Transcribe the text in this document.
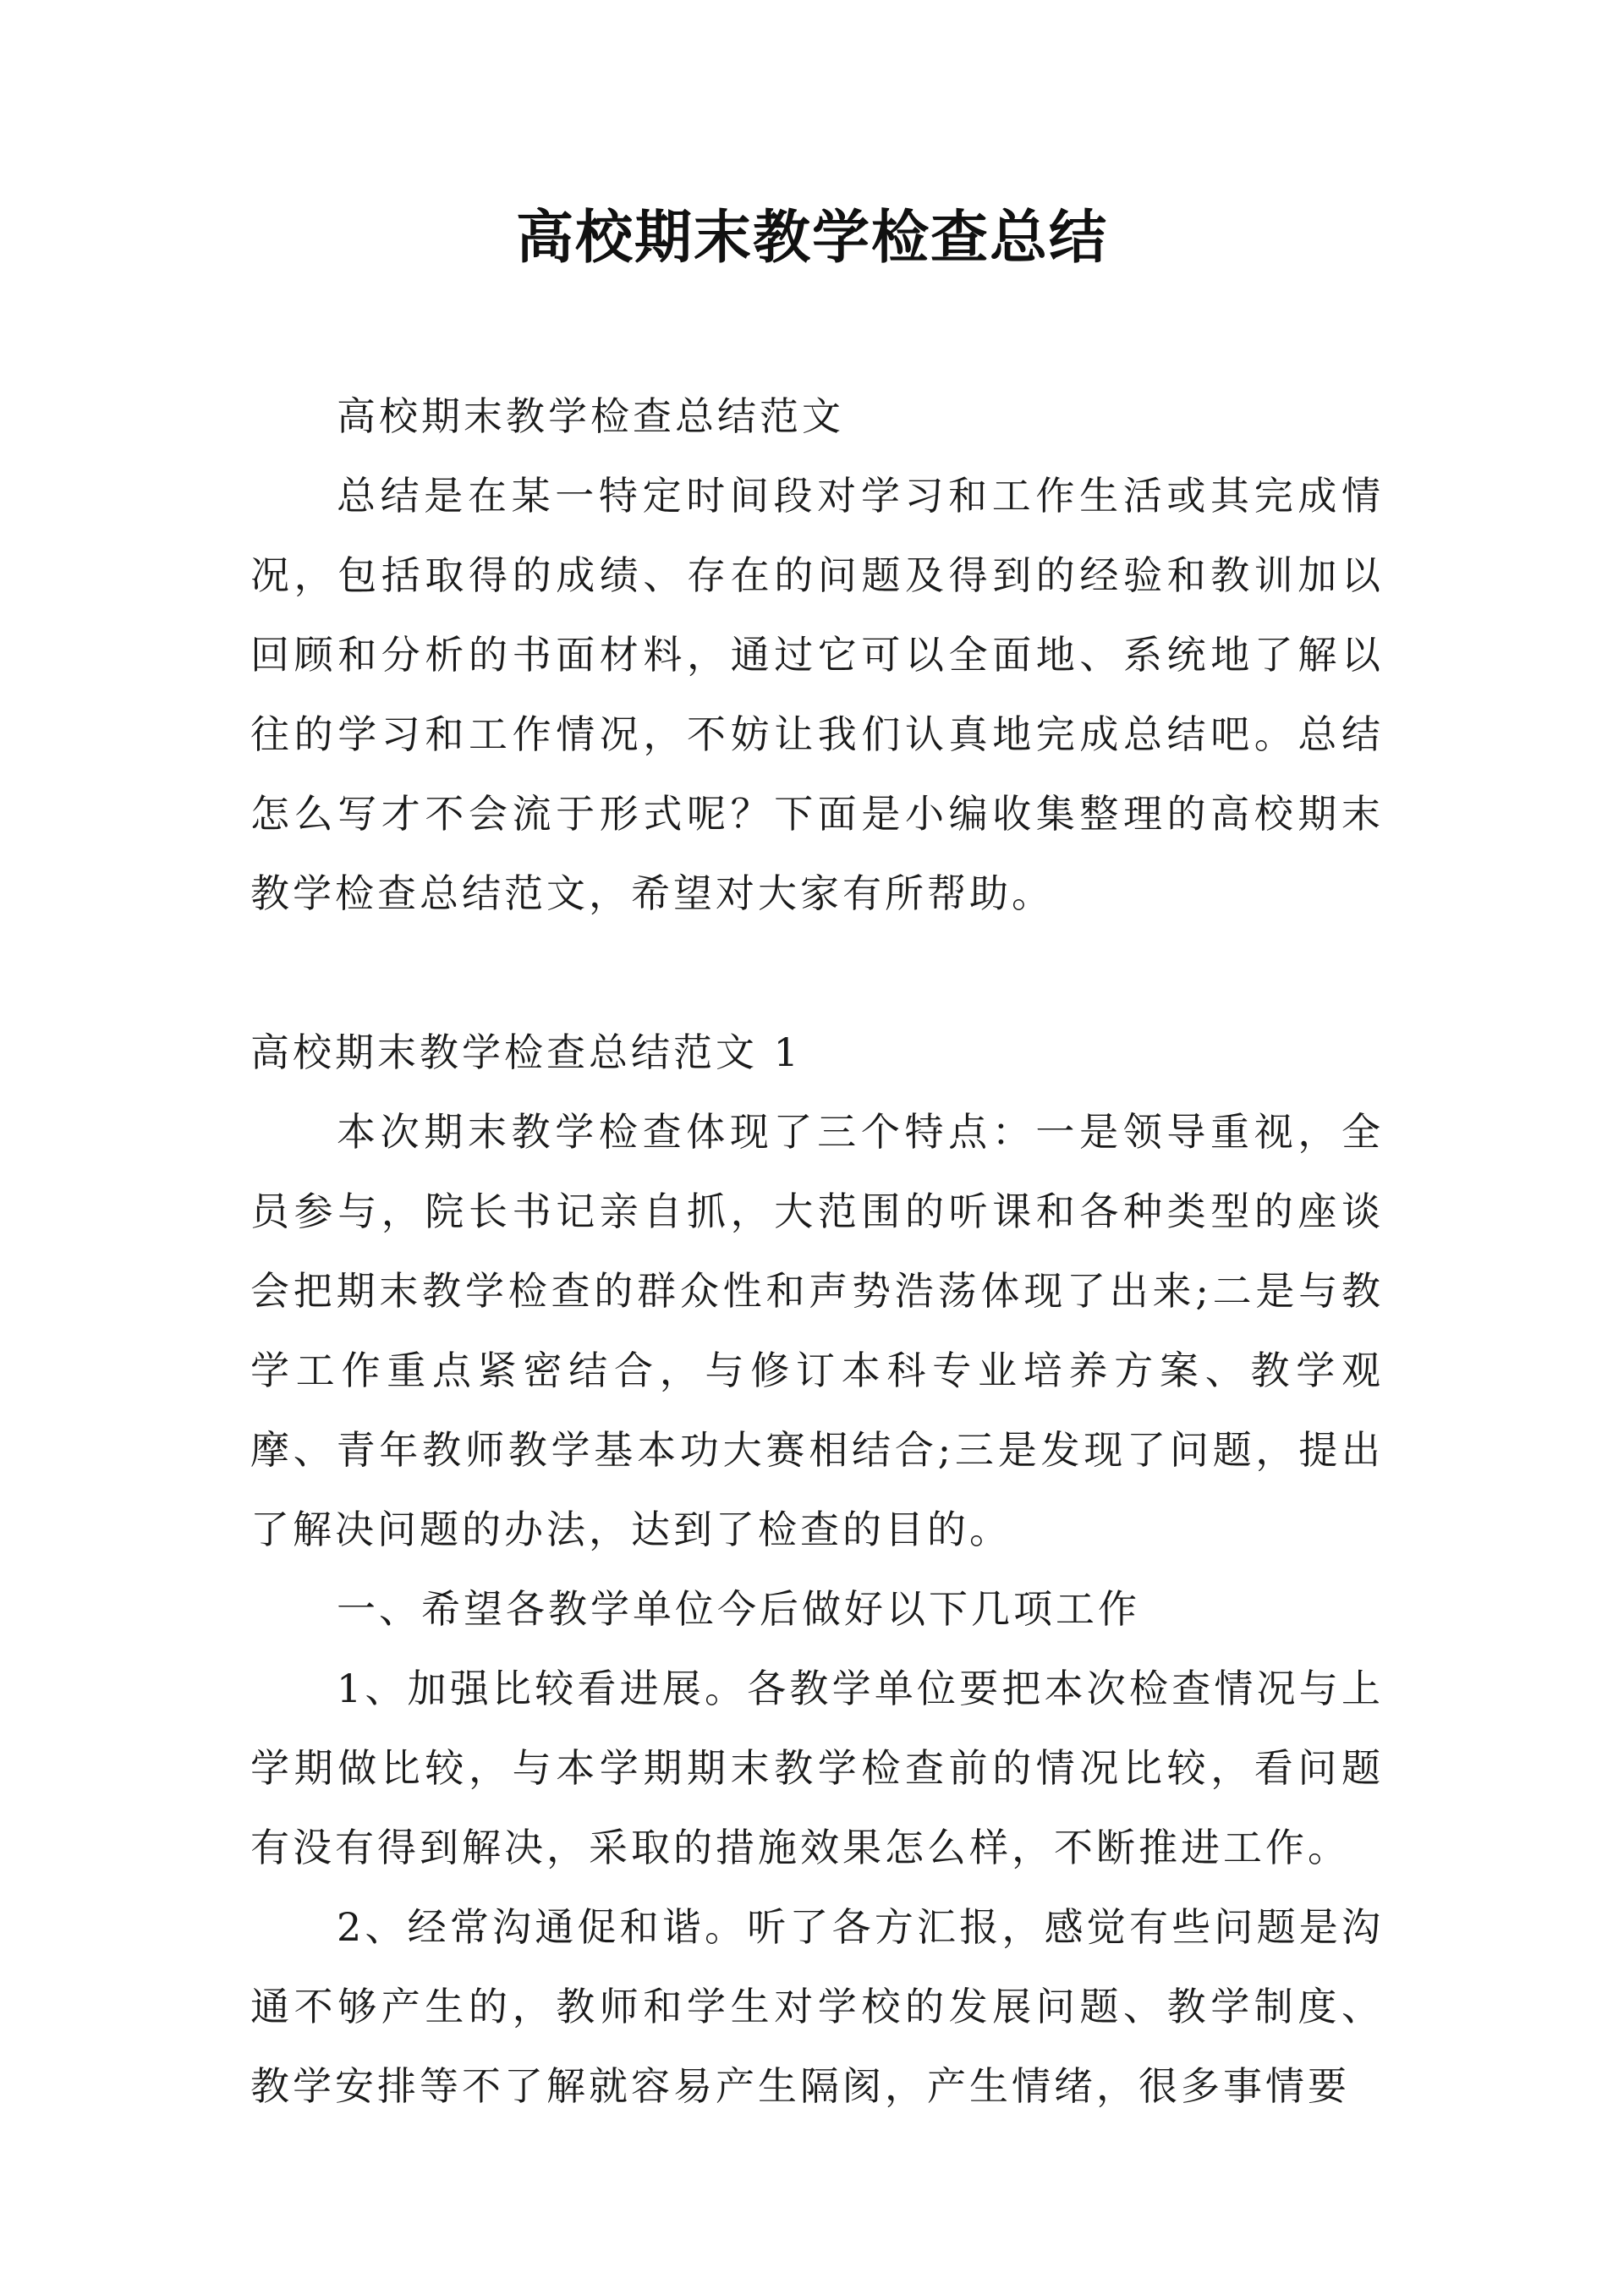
高校期末教学检查总结

高校期末教学检查总结范文

总结是在某一特定时间段对学习和工作生活或其完成情况，包括取得的成绩、存在的问题及得到的经验和教训加以回顾和分析的书面材料，通过它可以全面地、系统地了解以往的学习和工作情况，不妨让我们认真地完成总结吧。总结怎么写才不会流于形式呢？下面是小编收集整理的高校期末教学检查总结范文，希望对大家有所帮助。

高校期末教学检查总结范文 1

本次期末教学检查体现了三个特点：一是领导重视，全员参与，院长书记亲自抓，大范围的听课和各种类型的座谈会把期末教学检查的群众性和声势浩荡体现了出来;二是与教学工作重点紧密结合，与修订本科专业培养方案、教学观摩、青年教师教学基本功大赛相结合;三是发现了问题，提出了解决问题的办法，达到了检查的目的。

一、希望各教学单位今后做好以下几项工作

1、加强比较看进展。各教学单位要把本次检查情况与上学期做比较，与本学期期末教学检查前的情况比较，看问题有没有得到解决，采取的措施效果怎么样，不断推进工作。

2、经常沟通促和谐。听了各方汇报，感觉有些问题是沟通不够产生的，教师和学生对学校的发展问题、教学制度、教学安排等不了解就容易产生隔阂，产生情绪，很多事情要
